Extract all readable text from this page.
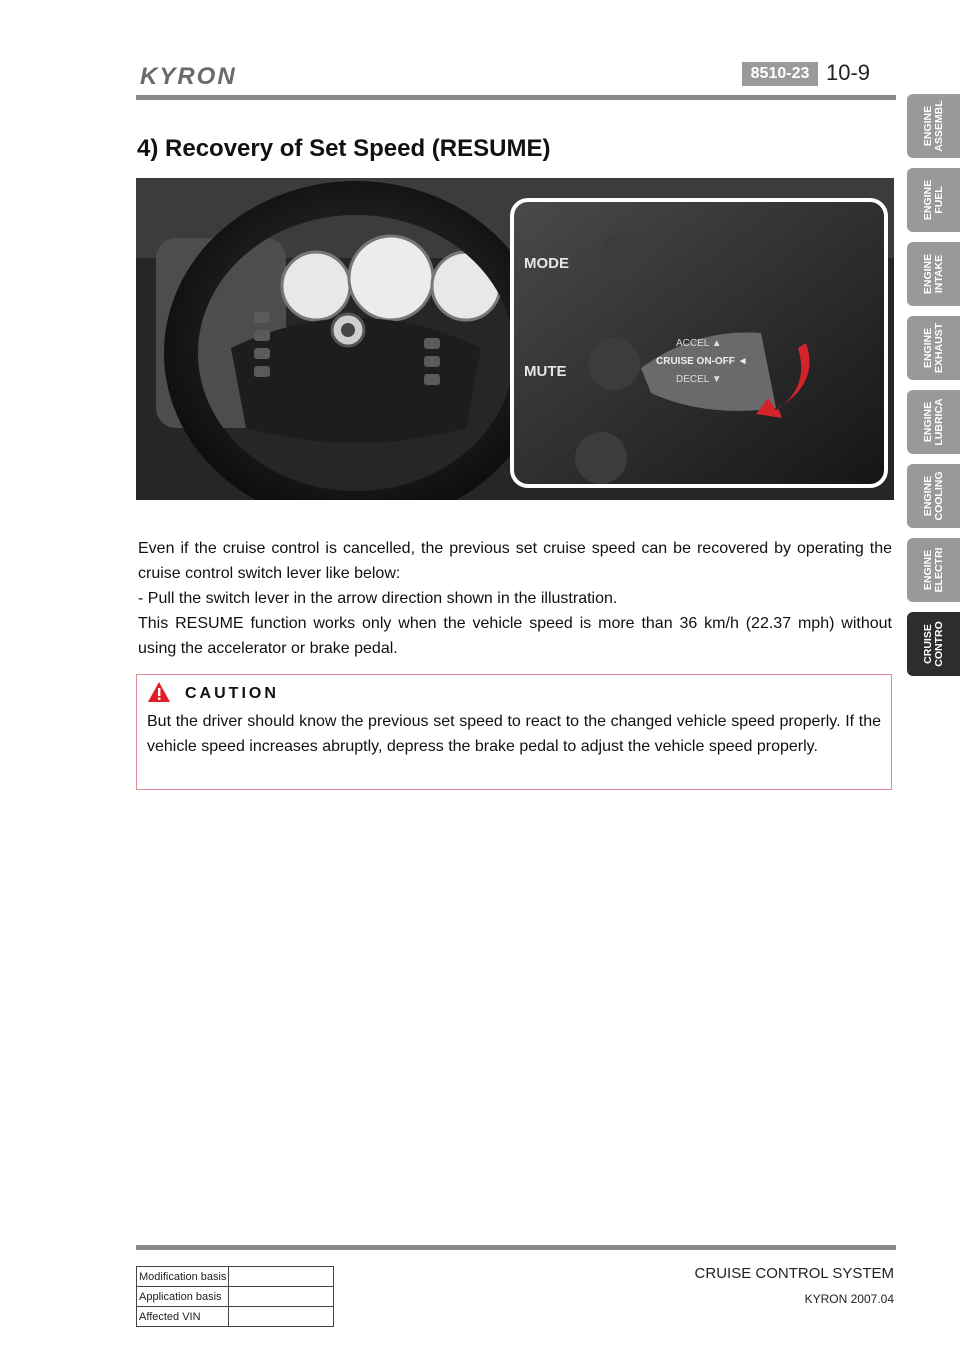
KYRON	8510-23 10-9
4) Recovery of Set Speed (RESUME)
MODE
MUTE
ACCEL ▲
CRUISE ON-OFF ◄
DECEL ▼

Even if the cruise control is cancelled, the previous set cruise speed can be recovered by operating the cruise control switch lever like below:

- Pull the switch lever in the arrow direction shown in the illustration.

This RESUME function works only when the vehicle speed is more than 36 km/h (22.37 mph) without using the accelerator or brake pedal.

CAUTION

But the driver should know the previous set speed to react to the changed vehicle speed properly. If the vehicle speed increases abruptly, depress the brake pedal to adjust the vehicle speed properly.

ENGINE
ASSEMBL
ENGINE
FUEL
ENGINE
INTAKE
ENGINE
EXHAUST
ENGINE
LUBRICA
ENGINE
COOLING
ENGINE
ELECTRI
CRUISE
CONTRO
CRUISE CONTROL SYSTEM
KYRON 2007.04
Modification basis	
Application basis	
Affected VIN	
